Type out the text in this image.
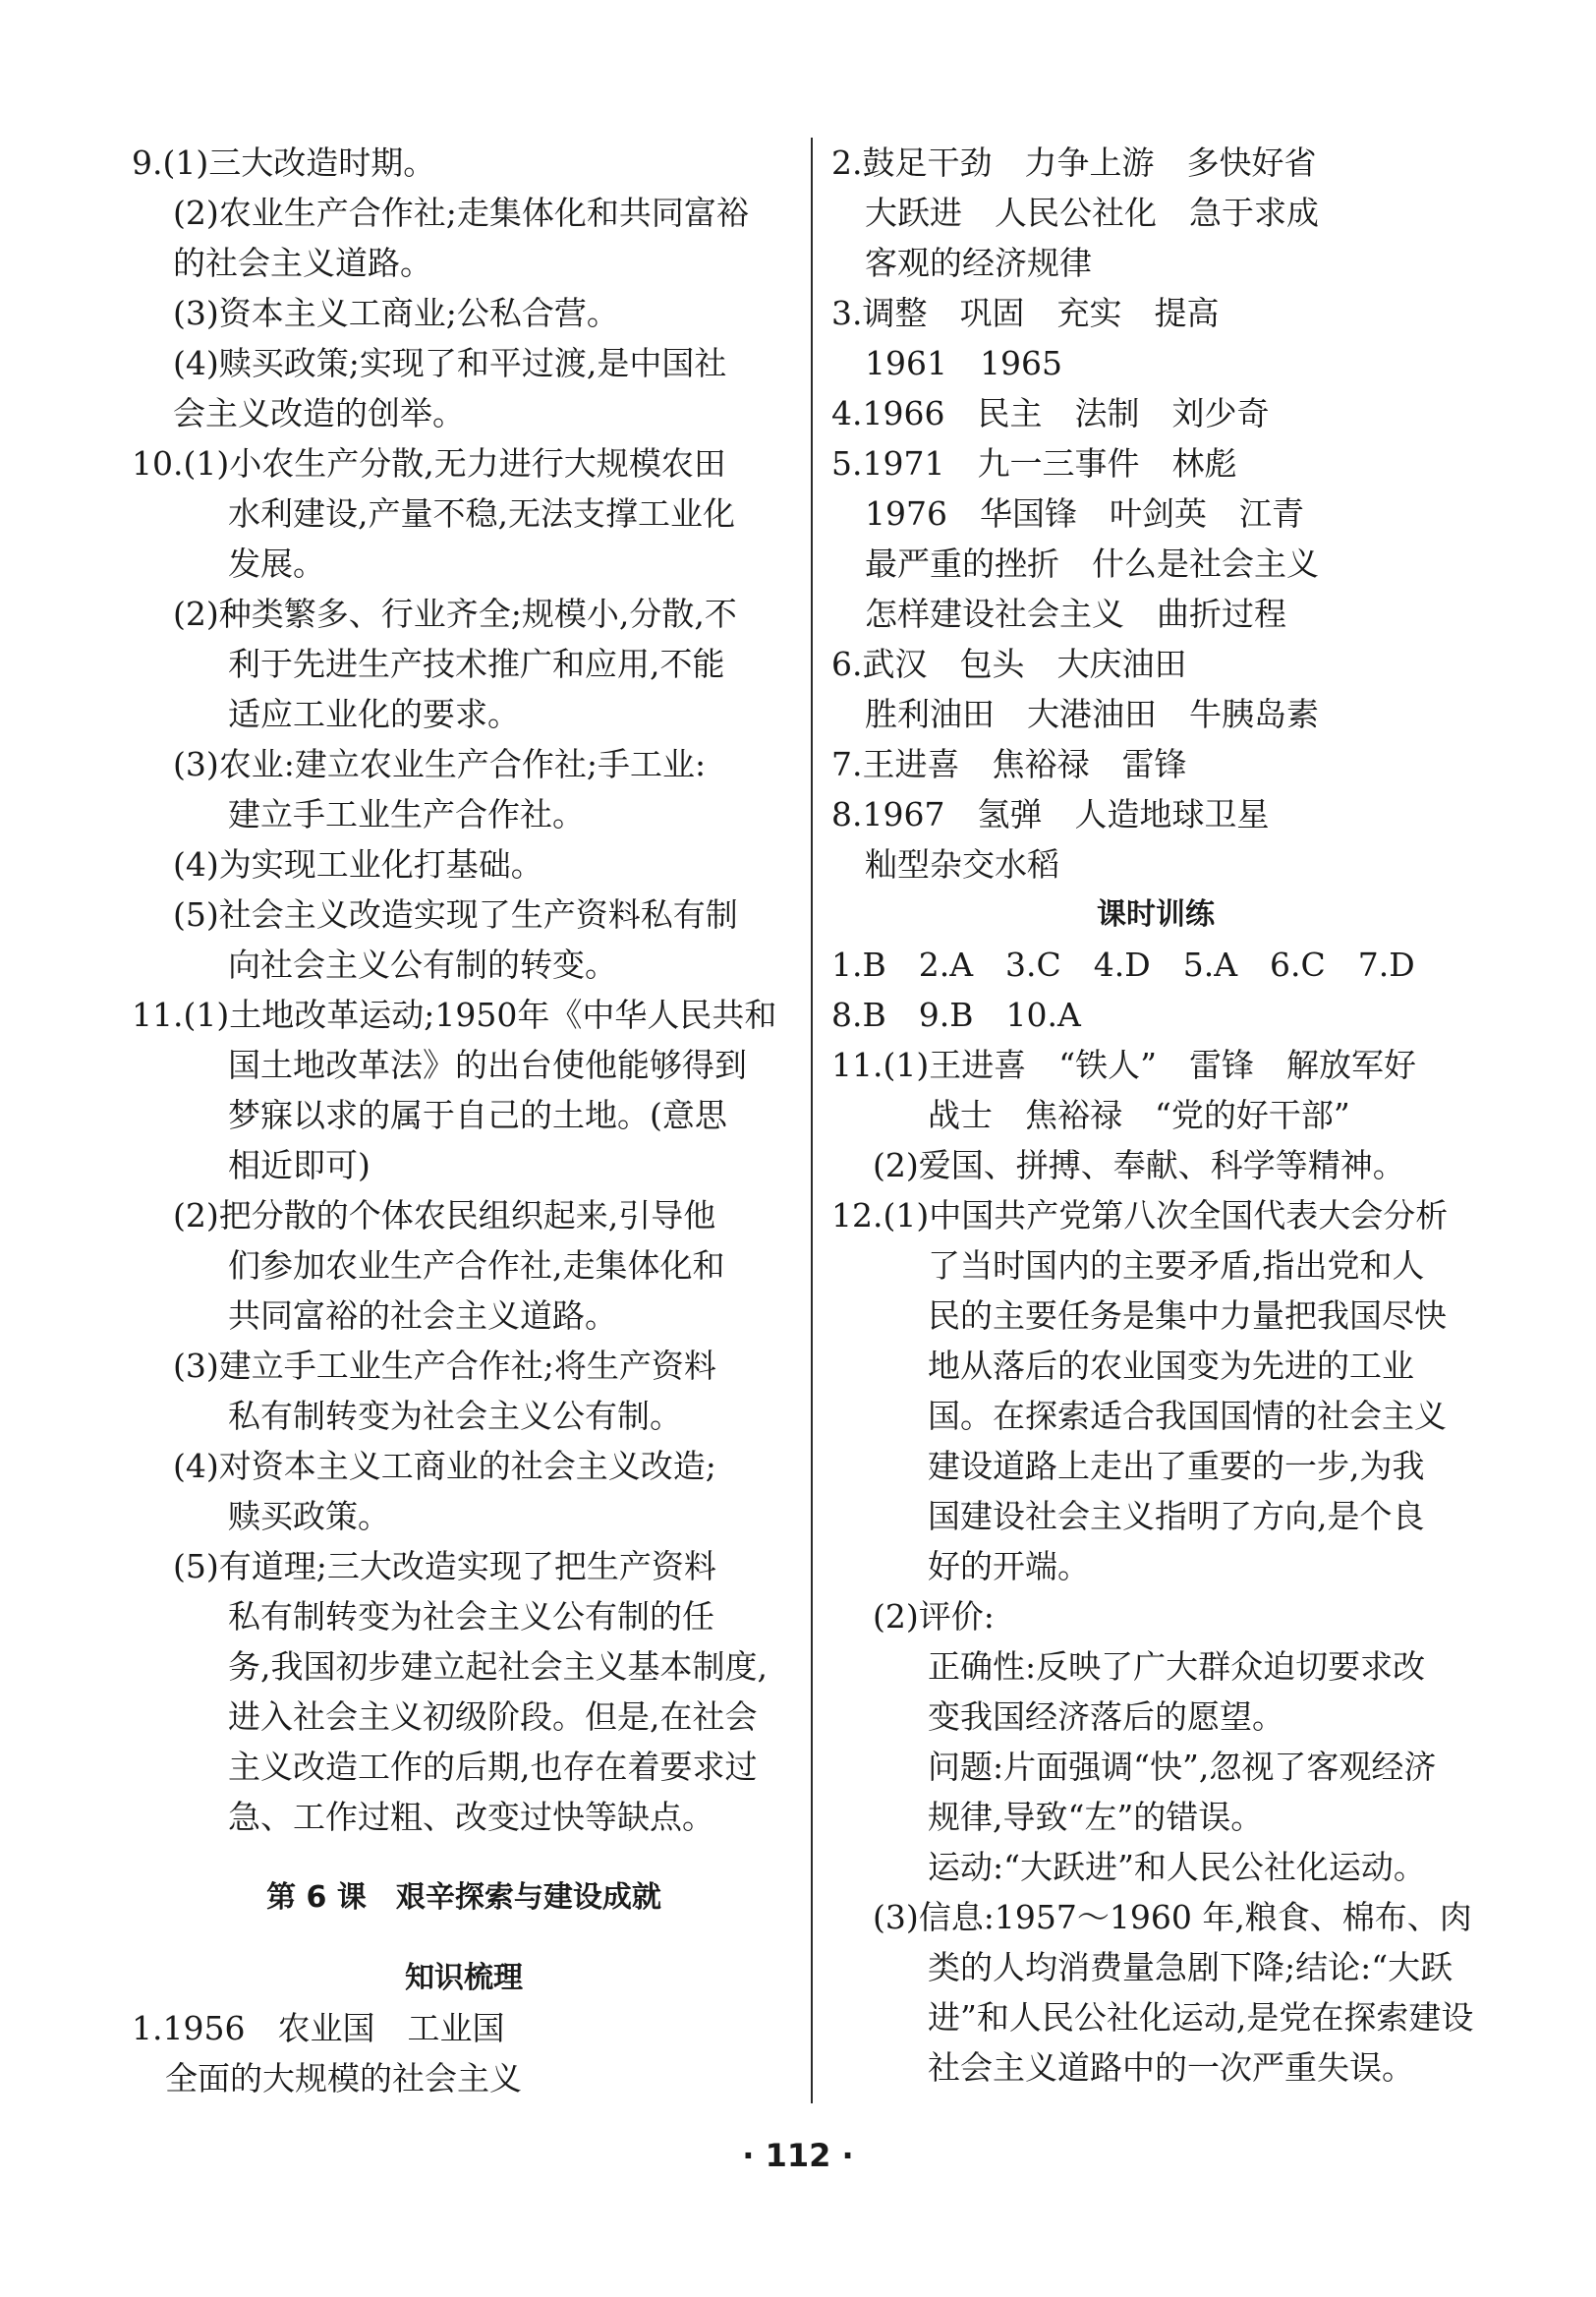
9.(1)三大改造时期。
(2)农业生产合作社;走集体化和共同富裕
的社会主义道路。
(3)资本主义工商业;公私合营。
(4)赎买政策;实现了和平过渡,是中国社
会主义改造的创举。
10.(1)小农生产分散,无力进行大规模农田
水利建设,产量不稳,无法支撑工业化
发展。
(2)种类繁多、行业齐全;规模小,分散,不
利于先进生产技术推广和应用,不能
适应工业化的要求。
(3)农业:建立农业生产合作社;手工业:
建立手工业生产合作社。
(4)为实现工业化打基础。
(5)社会主义改造实现了生产资料私有制
向社会主义公有制的转变。
11.(1)土地改革运动;1950年《中华人民共和
国土地改革法》的出台使他能够得到
梦寐以求的属于自己的土地。(意思
相近即可)
(2)把分散的个体农民组织起来,引导他
们参加农业生产合作社,走集体化和
共同富裕的社会主义道路。
(3)建立手工业生产合作社;将生产资料
私有制转变为社会主义公有制。
(4)对资本主义工商业的社会主义改造;
赎买政策。
(5)有道理;三大改造实现了把生产资料
私有制转变为社会主义公有制的任
务,我国初步建立起社会主义基本制度,
进入社会主义初级阶段。但是,在社会
主义改造工作的后期,也存在着要求过
急、工作过粗、改变过快等缺点。
第 6 课　艰辛探索与建设成就
知识梳理
1.1956　农业国　工业国
全面的大规模的社会主义
2.鼓足干劲　力争上游　多快好省
大跃进　人民公社化　急于求成
客观的经济规律
3.调整　巩固　充实　提高
1961　1965
4.1966　民主　法制　刘少奇
5.1971　九一三事件　林彪
1976　华国锋　叶剑英　江青
最严重的挫折　什么是社会主义
怎样建设社会主义　曲折过程
6.武汉　包头　大庆油田
胜利油田　大港油田　牛胰岛素
7.王进喜　焦裕禄　雷锋
8.1967　氢弹　人造地球卫星
籼型杂交水稻
课时训练
1.B　2.A　3.C　4.D　5.A　6.C　7.D
8.B　9.B　10.A
11.(1)王进喜　“铁人”　雷锋　解放军好
战士　焦裕禄　“党的好干部”
(2)爱国、拼搏、奉献、科学等精神。
12.(1)中国共产党第八次全国代表大会分析
了当时国内的主要矛盾,指出党和人
民的主要任务是集中力量把我国尽快
地从落后的农业国变为先进的工业
国。在探索适合我国国情的社会主义
建设道路上走出了重要的一步,为我
国建设社会主义指明了方向,是个良
好的开端。
(2)评价:
正确性:反映了广大群众迫切要求改
变我国经济落后的愿望。
问题:片面强调“快”,忽视了客观经济
规律,导致“左”的错误。
运动:“大跃进”和人民公社化运动。
(3)信息:1957～1960 年,粮食、棉布、肉
类的人均消费量急剧下降;结论:“大跃
进”和人民公社化运动,是党在探索建设
社会主义道路中的一次严重失误。
· 112 ·
